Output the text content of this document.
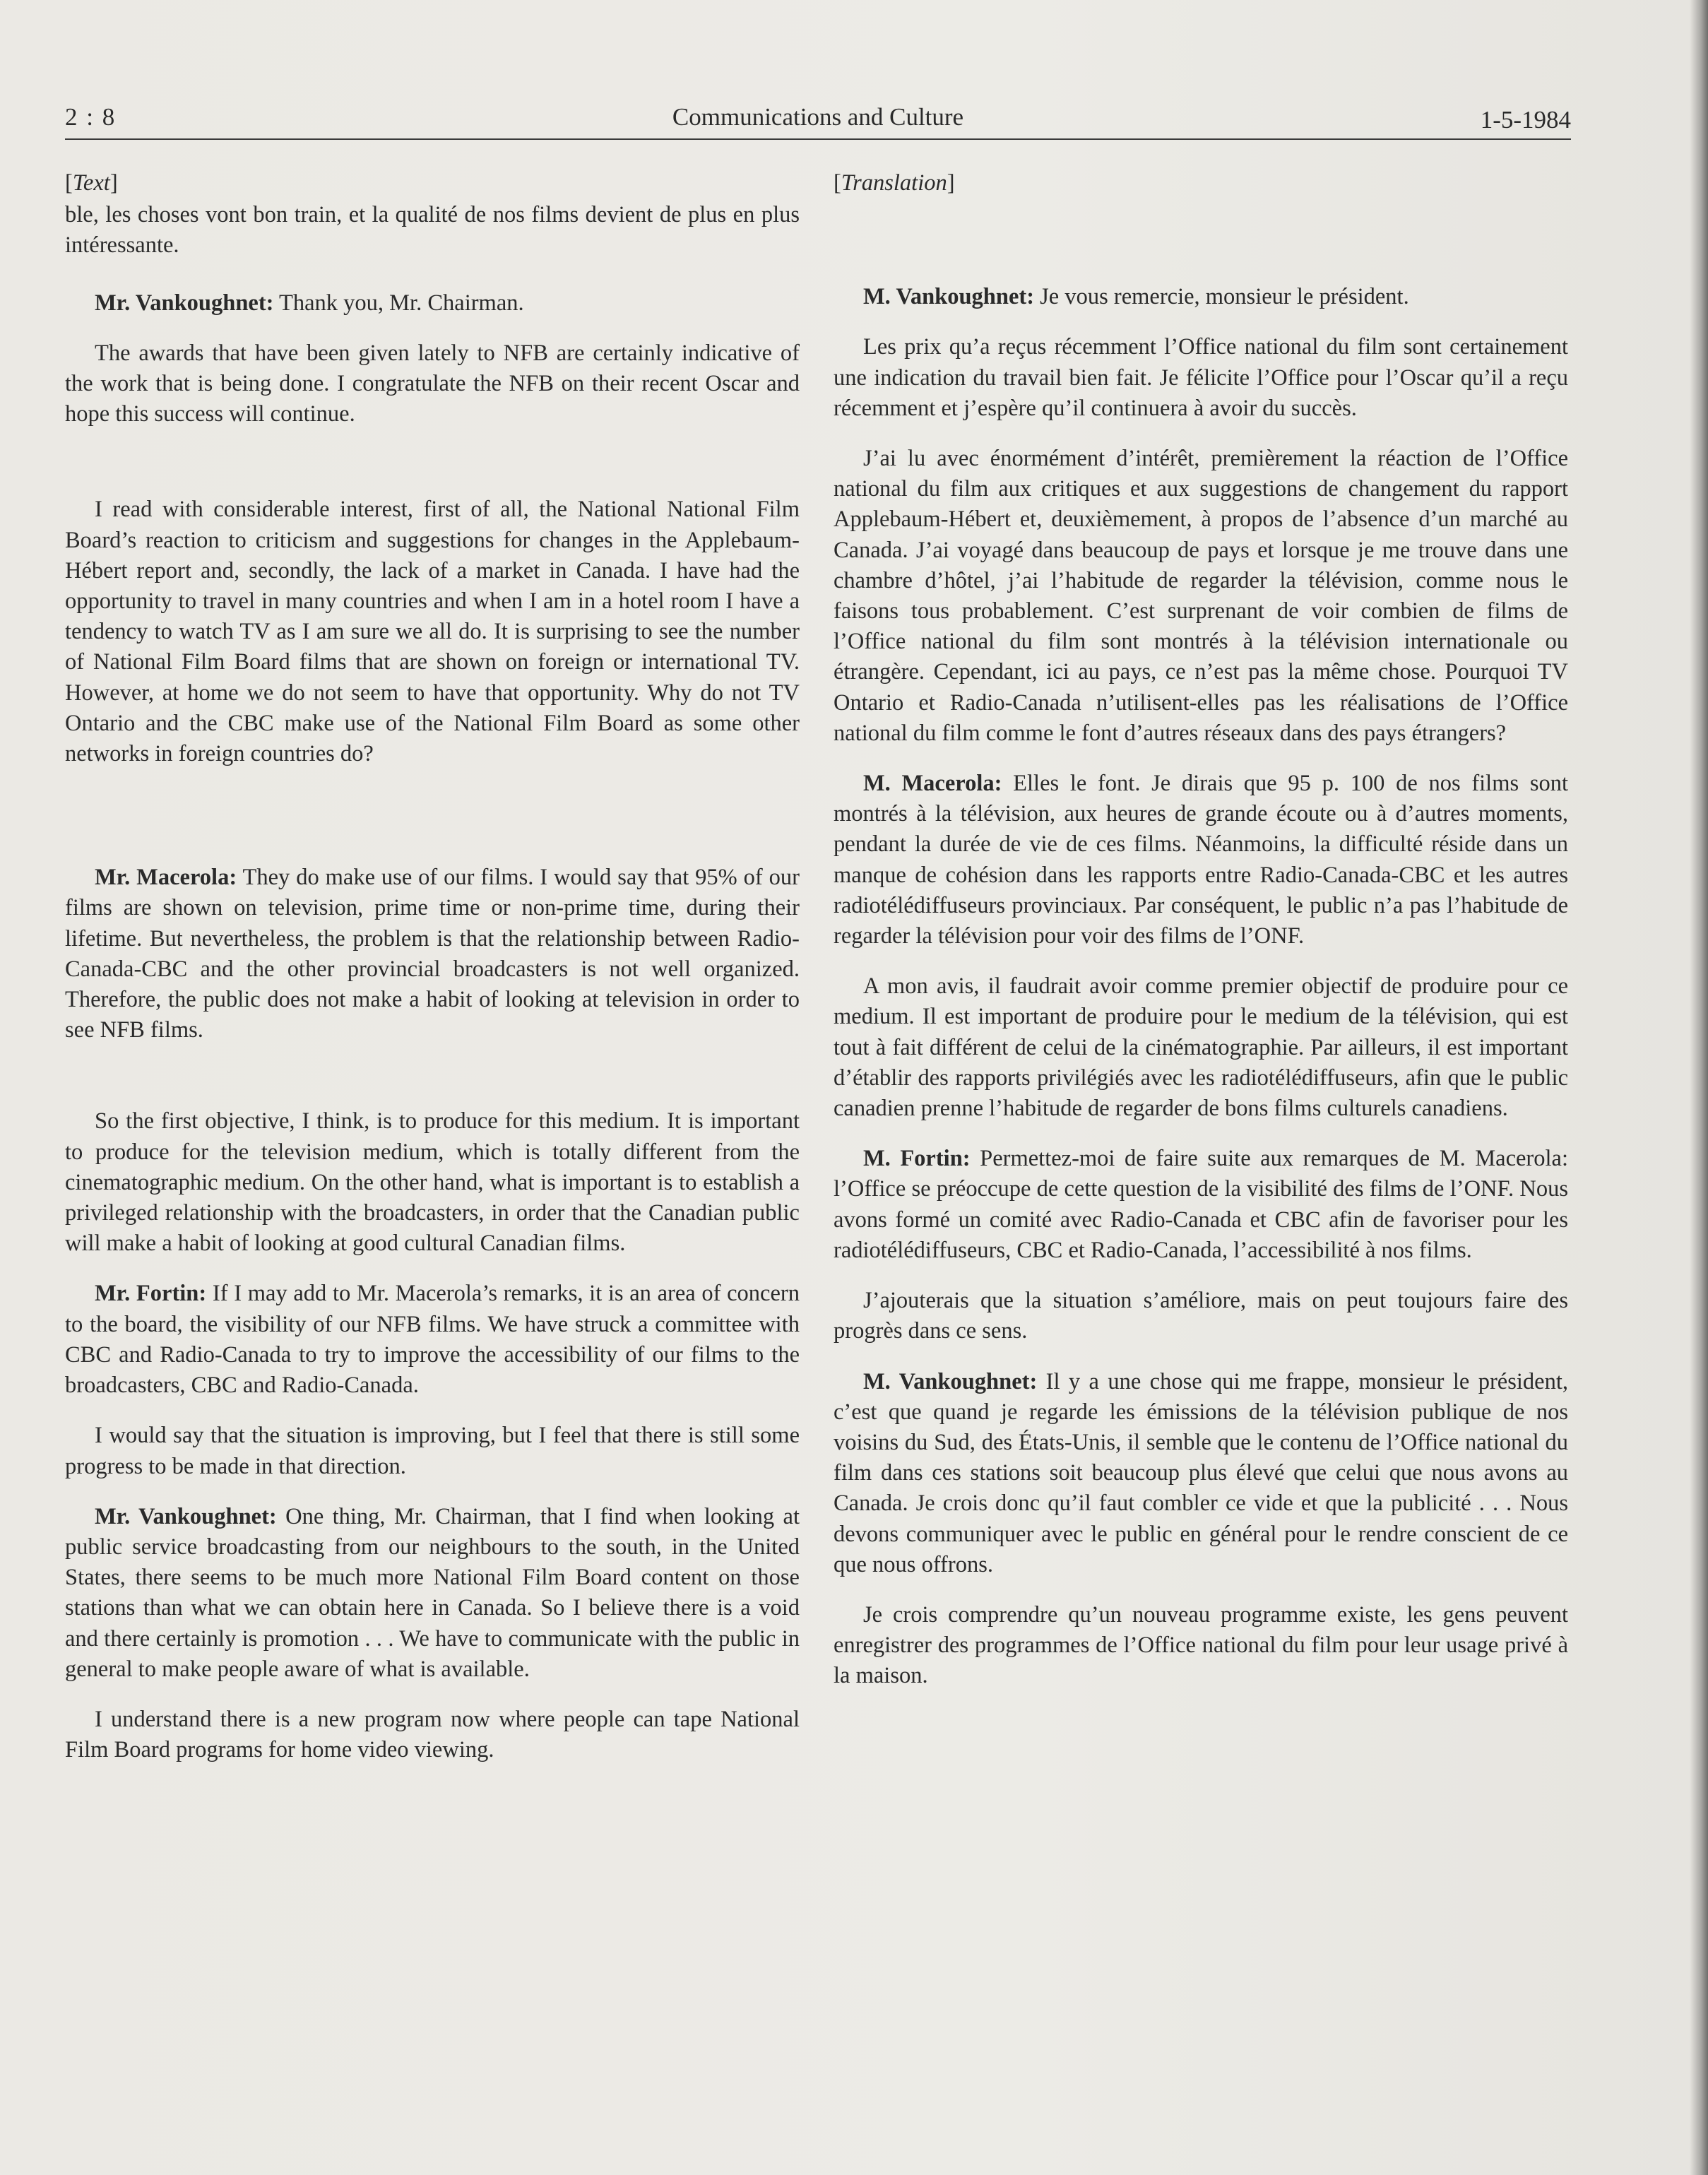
2 : 8	Communications and Culture	1-5-1984

[Text]

ble, les choses vont bon train, et la qualité de nos films devient de plus en plus intéressante.

Mr. Vankoughnet: Thank you, Mr. Chairman.

The awards that have been given lately to NFB are certainly indicative of the work that is being done. I congratulate the NFB on their recent Oscar and hope this success will continue.

I read with considerable interest, first of all, the National National Film Board’s reaction to criticism and suggestions for changes in the Applebaum-Hébert report and, secondly, the lack of a market in Canada. I have had the opportunity to travel in many countries and when I am in a hotel room I have a tendency to watch TV as I am sure we all do. It is surprising to see the number of National Film Board films that are shown on foreign or international TV. However, at home we do not seem to have that opportunity. Why do not TV Ontario and the CBC make use of the National Film Board as some other networks in foreign countries do?

Mr. Macerola: They do make use of our films. I would say that 95% of our films are shown on television, prime time or non-prime time, during their lifetime. But nevertheless, the problem is that the relationship between Radio-Canada-CBC and the other provincial broadcasters is not well organized. Therefore, the public does not make a habit of looking at television in order to see NFB films.

So the first objective, I think, is to produce for this medium. It is important to produce for the television medium, which is totally different from the cinematographic medium. On the other hand, what is important is to establish a privileged relationship with the broadcasters, in order that the Canadian public will make a habit of looking at good cultural Canadian films.

Mr. Fortin: If I may add to Mr. Macerola’s remarks, it is an area of concern to the board, the visibility of our NFB films. We have struck a committee with CBC and Radio-Canada to try to improve the accessibility of our films to the broadcasters, CBC and Radio-Canada.

I would say that the situation is improving, but I feel that there is still some progress to be made in that direction.

Mr. Vankoughnet: One thing, Mr. Chairman, that I find when looking at public service broadcasting from our neighbours to the south, in the United States, there seems to be much more National Film Board content on those stations than what we can obtain here in Canada. So I believe there is a void and there certainly is promotion . . . We have to communicate with the public in general to make people aware of what is available.

I understand there is a new program now where people can tape National Film Board programs for home video viewing.

[Translation]

M. Vankoughnet: Je vous remercie, monsieur le président.

Les prix qu’a reçus récemment l’Office national du film sont certainement une indication du travail bien fait. Je félicite l’Office pour l’Oscar qu’il a reçu récemment et j’espère qu’il continuera à avoir du succès.

J’ai lu avec énormément d’intérêt, premièrement la réaction de l’Office national du film aux critiques et aux suggestions de changement du rapport Applebaum-Hébert et, deuxièmement, à propos de l’absence d’un marché au Canada. J’ai voyagé dans beaucoup de pays et lorsque je me trouve dans une chambre d’hôtel, j’ai l’habitude de regarder la télévision, comme nous le faisons tous probablement. C’est surprenant de voir combien de films de l’Office national du film sont montrés à la télévision internationale ou étrangère. Cependant, ici au pays, ce n’est pas la même chose. Pourquoi TV Ontario et Radio-Canada n’utilisent-elles pas les réalisations de l’Office national du film comme le font d’autres réseaux dans des pays étrangers?

M. Macerola: Elles le font. Je dirais que 95 p. 100 de nos films sont montrés à la télévision, aux heures de grande écoute ou à d’autres moments, pendant la durée de vie de ces films. Néanmoins, la difficulté réside dans un manque de cohésion dans les rapports entre Radio-Canada-CBC et les autres radiotélédiffuseurs provinciaux. Par conséquent, le public n’a pas l’habitude de regarder la télévision pour voir des films de l’ONF.

A mon avis, il faudrait avoir comme premier objectif de produire pour ce medium. Il est important de produire pour le medium de la télévision, qui est tout à fait différent de celui de la cinématographie. Par ailleurs, il est important d’établir des rapports privilégiés avec les radiotélédiffuseurs, afin que le public canadien prenne l’habitude de regarder de bons films culturels canadiens.

M. Fortin: Permettez-moi de faire suite aux remarques de M. Macerola: l’Office se préoccupe de cette question de la visibilité des films de l’ONF. Nous avons formé un comité avec Radio-Canada et CBC afin de favoriser pour les radiotélédiffuseurs, CBC et Radio-Canada, l’accessibilité à nos films.

J’ajouterais que la situation s’améliore, mais on peut toujours faire des progrès dans ce sens.

M. Vankoughnet: Il y a une chose qui me frappe, monsieur le président, c’est que quand je regarde les émissions de la télévision publique de nos voisins du Sud, des États-Unis, il semble que le contenu de l’Office national du film dans ces stations soit beaucoup plus élevé que celui que nous avons au Canada. Je crois donc qu’il faut combler ce vide et que la publicité . . . Nous devons communiquer avec le public en général pour le rendre conscient de ce que nous offrons.

Je crois comprendre qu’un nouveau programme existe, les gens peuvent enregistrer des programmes de l’Office national du film pour leur usage privé à la maison.
